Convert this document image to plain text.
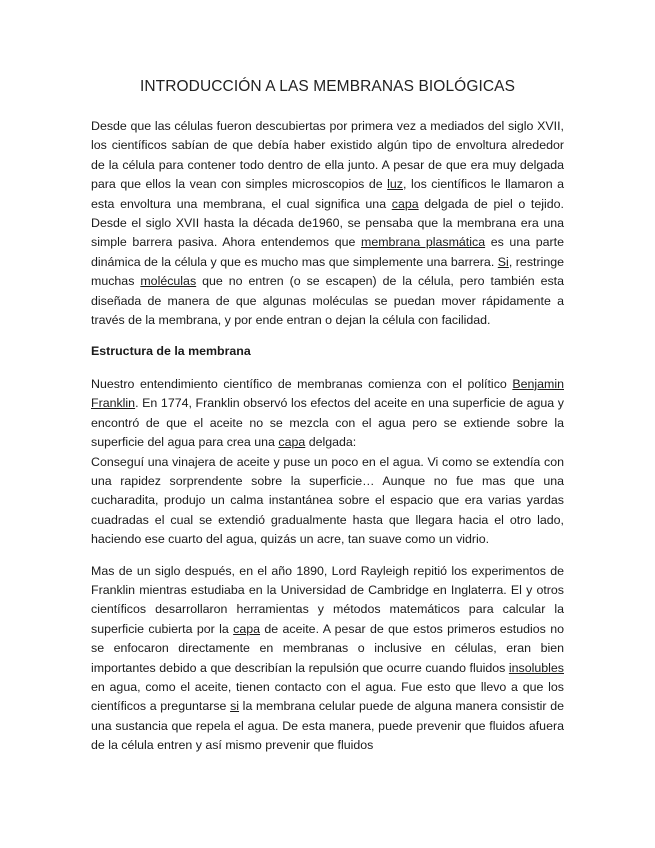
INTRODUCCIÓN A LAS MEMBRANAS BIOLÓGICAS

Desde que las células fueron descubiertas por primera vez a mediados del siglo XVII, los científicos sabían de que debía haber existido algún tipo de envoltura alrededor de la célula para contener todo dentro de ella junto. A pesar de que era muy delgada para que ellos la vean con simples microscopios de luz, los científicos le llamaron a esta envoltura una membrana, el cual significa una capa delgada de piel o tejido. Desde el siglo XVII hasta la década de1960, se pensaba que la membrana era una simple barrera pasiva. Ahora entendemos que membrana plasmática es una parte dinámica de la célula y que es mucho mas que simplemente una barrera. Si, restringe muchas moléculas que no entren (o se escapen) de la célula, pero también esta diseñada de manera de que algunas moléculas se puedan mover rápidamente a través de la membrana, y por ende entran o dejan la célula con facilidad.

Estructura de la membrana

Nuestro entendimiento científico de membranas comienza con el político Benjamin Franklin. En 1774, Franklin observó los efectos del aceite en una superficie de agua y encontró de que el aceite no se mezcla con el agua pero se extiende sobre la superficie del agua para crea una capa delgada:

Conseguí una vinajera de aceite y puse un poco en el agua. Vi como se extendía con una rapidez sorprendente sobre la superficie… Aunque no fue mas que una cucharadita, produjo un calma instantánea sobre el espacio que era varias yardas cuadradas el cual se extendió gradualmente hasta que llegara hacia el otro lado, haciendo ese cuarto del agua, quizás un acre, tan suave como un vidrio.

Mas de un siglo después, en el año 1890, Lord Rayleigh repitió los experimentos de Franklin mientras estudiaba en la Universidad de Cambridge en Inglaterra. El y otros científicos desarrollaron herramientas y métodos matemáticos para calcular la superficie cubierta por la capa de aceite. A pesar de que estos primeros estudios no se enfocaron directamente en membranas o inclusive en células, eran bien importantes debido a que describían la repulsión que ocurre cuando fluidos insolubles en agua, como el aceite, tienen contacto con el agua. Fue esto que llevo a que los científicos a preguntarse si la membrana celular puede de alguna manera consistir de una sustancia que repela el agua. De esta manera, puede prevenir que fluidos afuera de la célula entren y así mismo prevenir que fluidos
